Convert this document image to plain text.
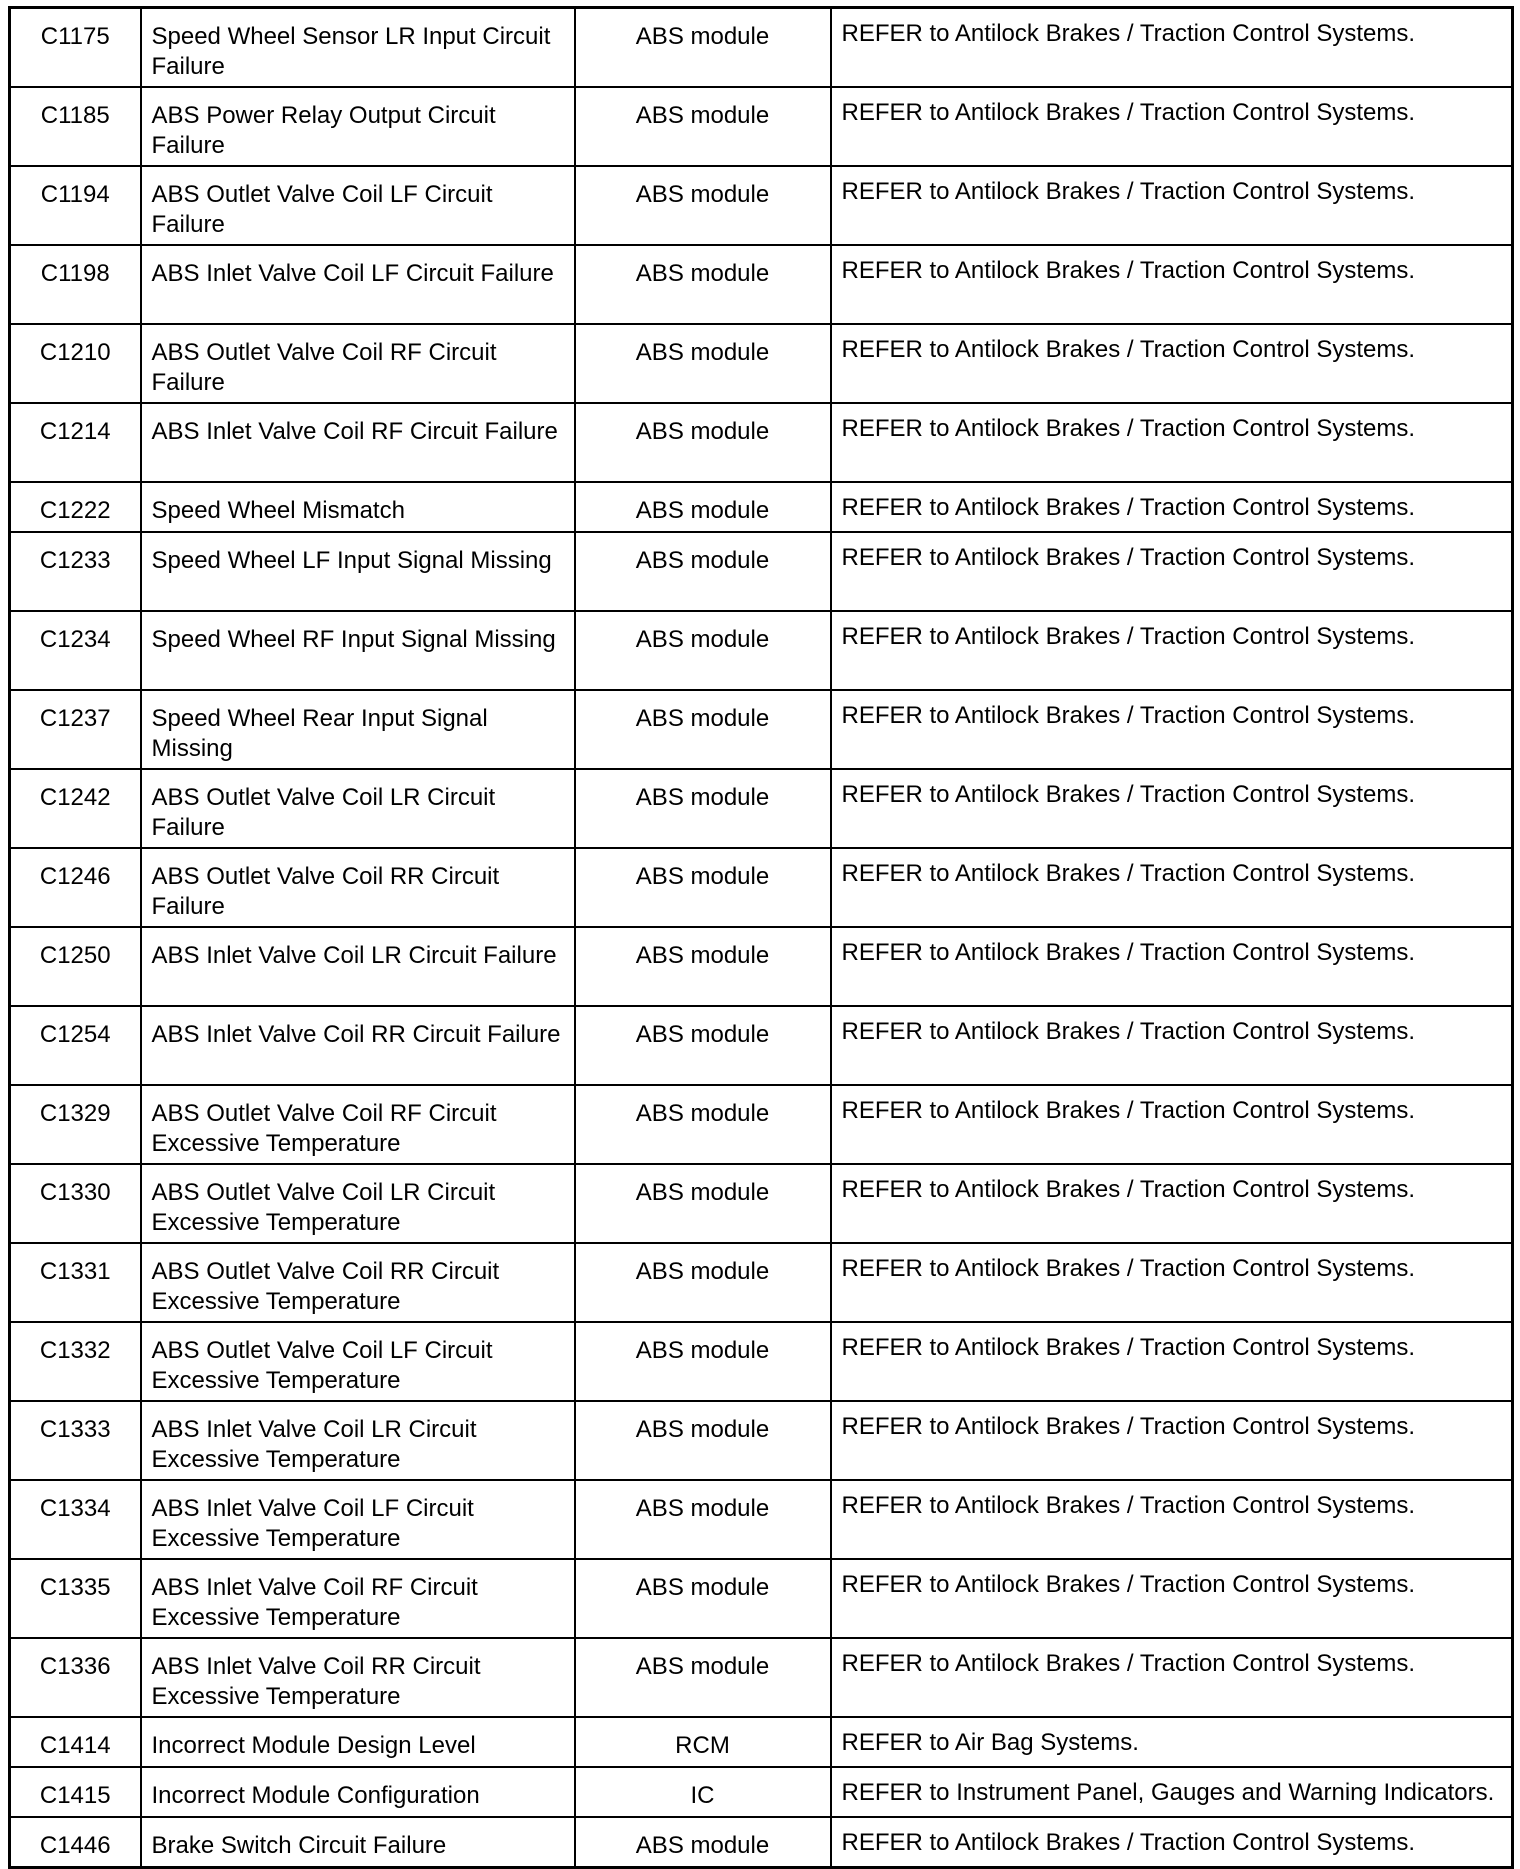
C1175	Speed Wheel Sensor LR Input Circuit Failure	ABS module	REFER to Antilock Brakes / Traction Control Systems.
C1185	ABS Power Relay Output Circuit Failure	ABS module	REFER to Antilock Brakes / Traction Control Systems.
C1194	ABS Outlet Valve Coil LF Circuit Failure	ABS module	REFER to Antilock Brakes / Traction Control Systems.
C1198	ABS Inlet Valve Coil LF Circuit Failure	ABS module	REFER to Antilock Brakes / Traction Control Systems.
C1210	ABS Outlet Valve Coil RF Circuit Failure	ABS module	REFER to Antilock Brakes / Traction Control Systems.
C1214	ABS Inlet Valve Coil RF Circuit Failure	ABS module	REFER to Antilock Brakes / Traction Control Systems.
C1222	Speed Wheel Mismatch	ABS module	REFER to Antilock Brakes / Traction Control Systems.
C1233	Speed Wheel LF Input Signal Missing	ABS module	REFER to Antilock Brakes / Traction Control Systems.
C1234	Speed Wheel RF Input Signal Missing	ABS module	REFER to Antilock Brakes / Traction Control Systems.
C1237	Speed Wheel Rear Input Signal Missing	ABS module	REFER to Antilock Brakes / Traction Control Systems.
C1242	ABS Outlet Valve Coil LR Circuit Failure	ABS module	REFER to Antilock Brakes / Traction Control Systems.
C1246	ABS Outlet Valve Coil RR Circuit Failure	ABS module	REFER to Antilock Brakes / Traction Control Systems.
C1250	ABS Inlet Valve Coil LR Circuit Failure	ABS module	REFER to Antilock Brakes / Traction Control Systems.
C1254	ABS Inlet Valve Coil RR Circuit Failure	ABS module	REFER to Antilock Brakes / Traction Control Systems.
C1329	ABS Outlet Valve Coil RF Circuit Excessive Temperature	ABS module	REFER to Antilock Brakes / Traction Control Systems.
C1330	ABS Outlet Valve Coil LR Circuit Excessive Temperature	ABS module	REFER to Antilock Brakes / Traction Control Systems.
C1331	ABS Outlet Valve Coil RR Circuit Excessive Temperature	ABS module	REFER to Antilock Brakes / Traction Control Systems.
C1332	ABS Outlet Valve Coil LF Circuit Excessive Temperature	ABS module	REFER to Antilock Brakes / Traction Control Systems.
C1333	ABS Inlet Valve Coil LR Circuit Excessive Temperature	ABS module	REFER to Antilock Brakes / Traction Control Systems.
C1334	ABS Inlet Valve Coil LF Circuit Excessive Temperature	ABS module	REFER to Antilock Brakes / Traction Control Systems.
C1335	ABS Inlet Valve Coil RF Circuit Excessive Temperature	ABS module	REFER to Antilock Brakes / Traction Control Systems.
C1336	ABS Inlet Valve Coil RR Circuit Excessive Temperature	ABS module	REFER to Antilock Brakes / Traction Control Systems.
C1414	Incorrect Module Design Level	RCM	REFER to Air Bag Systems.
C1415	Incorrect Module Configuration	IC	REFER to Instrument Panel, Gauges and Warning Indicators.
C1446	Brake Switch Circuit Failure	ABS module	REFER to Antilock Brakes / Traction Control Systems.
